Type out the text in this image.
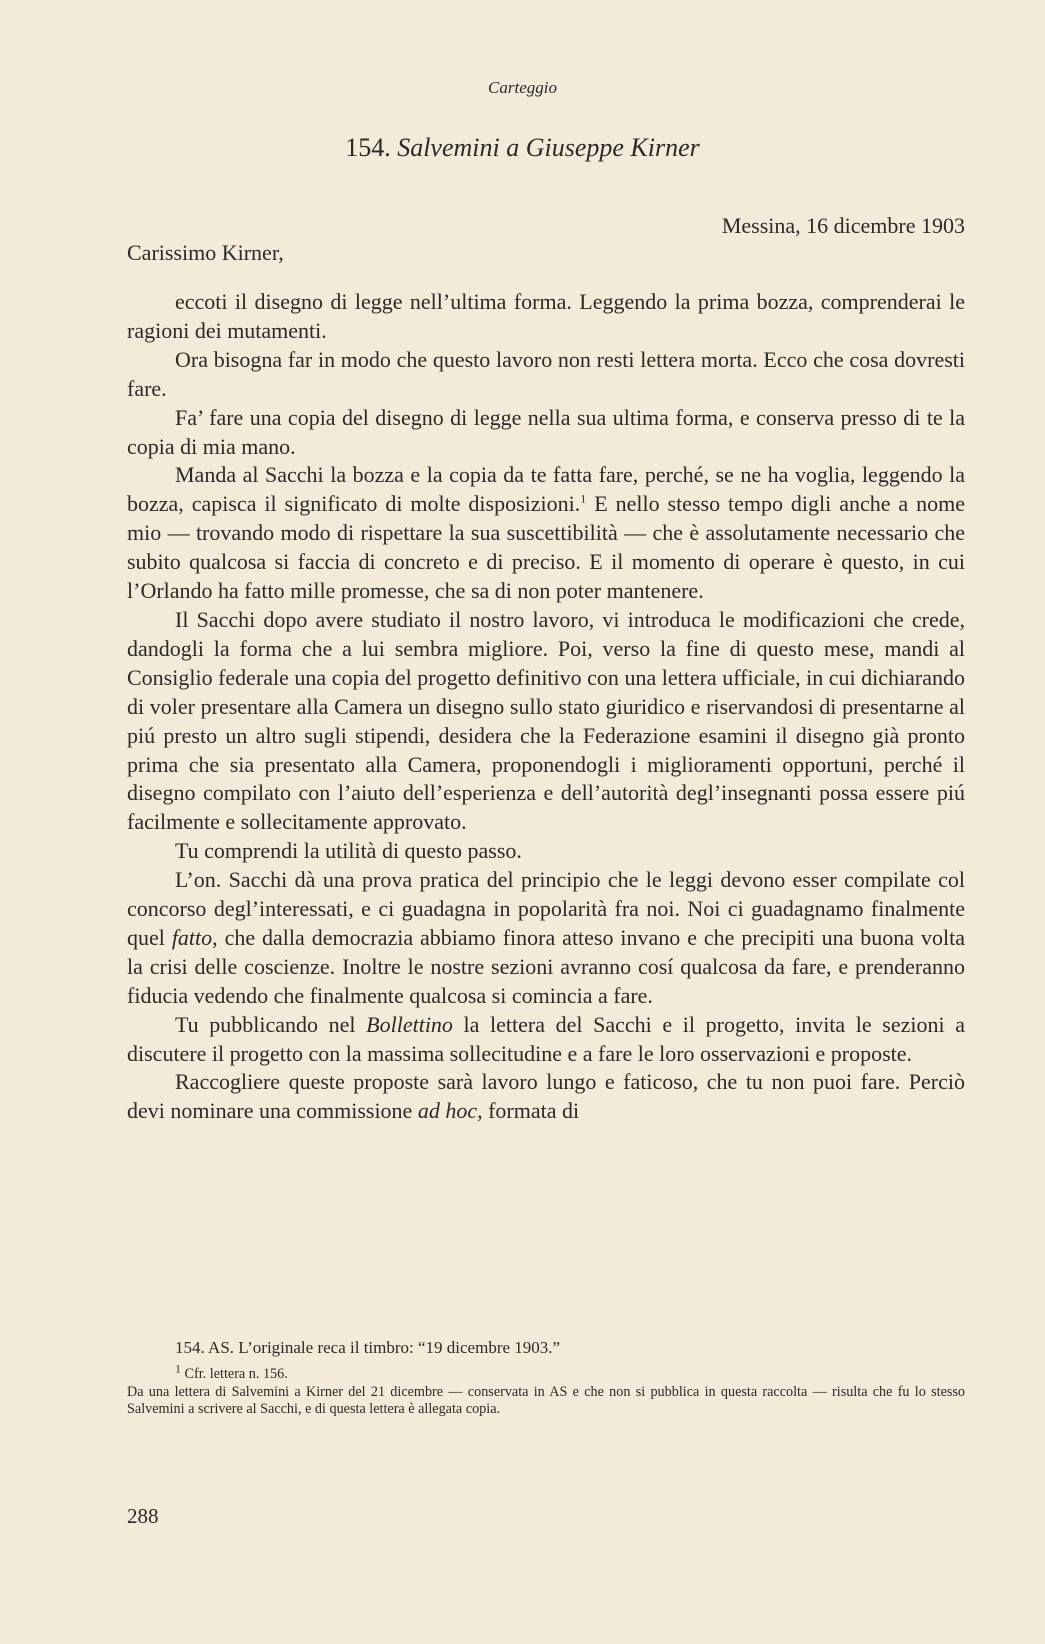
Carteggio
154. Salvemini a Giuseppe Kirner
Messina, 16 dicembre 1903
Carissimo Kirner,

eccoti il disegno di legge nell’ultima forma. Leggendo la prima bozza, comprenderai le ragioni dei mutamenti.

Ora bisogna far in modo che questo lavoro non resti lettera morta. Ecco che cosa dovresti fare.

Fa’ fare una copia del disegno di legge nella sua ultima forma, e conserva presso di te la copia di mia mano.

Manda al Sacchi la bozza e la copia da te fatta fare, perché, se ne ha voglia, leggendo la bozza, capisca il significato di molte disposizioni.$^1$ E nello stesso tempo digli anche a nome mio — trovando modo di rispettare la sua suscettibilità — che è assolutamente necessario che subito qualcosa si faccia di concreto e di preciso. E il momento di operare è questo, in cui l’Orlando ha fatto mille promesse, che sa di non poter mantenere.

Il Sacchi dopo avere studiato il nostro lavoro, vi introduca le modificazioni che crede, dandogli la forma che a lui sembra migliore. Poi, verso la fine di questo mese, mandi al Consiglio federale una copia del progetto definitivo con una lettera ufficiale, in cui dichiarando di voler presentare alla Camera un disegno sullo stato giuridico e riservandosi di presentarne al piú presto un altro sugli stipendi, desidera che la Federazione esamini il disegno già pronto prima che sia presentato alla Camera, proponendogli i miglioramenti opportuni, perché il disegno compilato con l’aiuto dell’esperienza e dell’autorità degl’insegnanti possa essere piú facilmente e sollecitamente approvato.

Tu comprendi la utilità di questo passo.

L’on. Sacchi dà una prova pratica del principio che le leggi devono esser compilate col concorso degl’interessati, e ci guadagna in popolarità fra noi. Noi ci guadagnamo finalmente quel fatto, che dalla democrazia abbiamo finora atteso invano e che precipiti una buona volta la crisi delle coscienze. Inoltre le nostre sezioni avranno cosí qualcosa da fare, e prenderanno fiducia vedendo che finalmente qualcosa si comincia a fare.

Tu pubblicando nel Bollettino la lettera del Sacchi e il progetto, invita le sezioni a discutere il progetto con la massima sollecitudine e a fare le loro osservazioni e proposte.

Raccogliere queste proposte sarà lavoro lungo e faticoso, che tu non puoi fare. Perciò devi nominare una commissione ad hoc, formata di

154. AS. L’originale reca il timbro: “19 dicembre 1903.”

$^1$ Cfr. lettera n. 156.

Da una lettera di Salvemini a Kirner del 21 dicembre — conservata in AS e che non si pubblica in questa raccolta — risulta che fu lo stesso Salvemini a scrivere al Sacchi, e di questa lettera è allegata copia.

288
